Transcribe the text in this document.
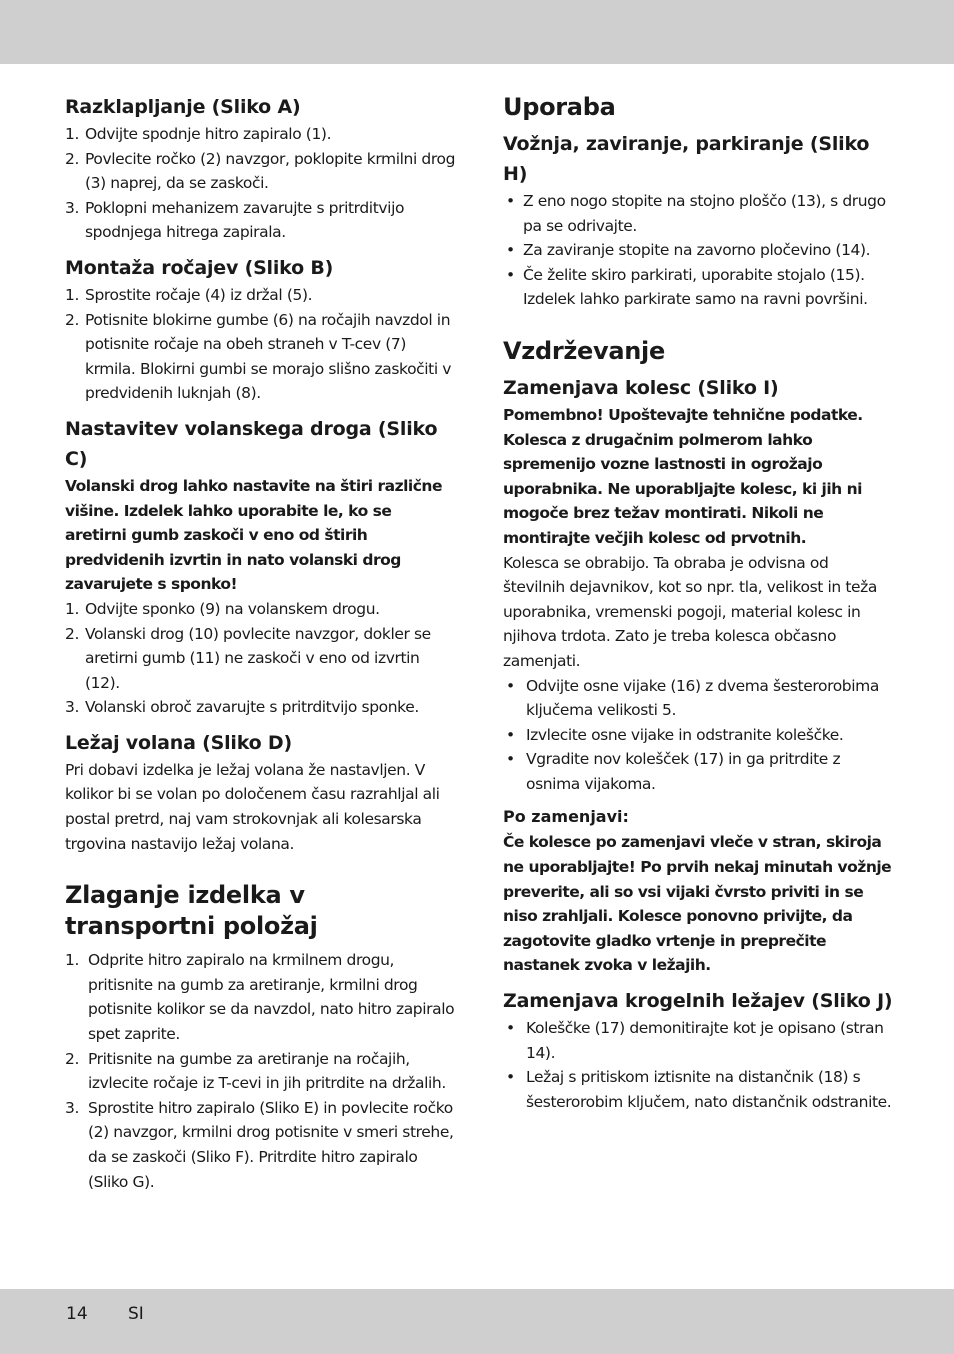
Razklapljanje (Sliko A)
1. Odvijte spodnje hitro zapiralo (1).
2. Povlecite ročko (2) navzgor, poklopite krmilni drog (3) naprej, da se zaskoči.
3. Poklopni mehanizem zavarujte s pritrditvijo spodnjega hitrega zapirala.
Montaža ročajev (Sliko B)
1. Sprostite ročaje (4) iz držal (5).
2. Potisnite blokirne gumbe (6) na ročajih navzdol in potisnite ročaje na obeh straneh v T-cev (7) krmila. Blokirni gumbi se morajo slišno zaskočiti v predvidenih luknjah (8).
Nastavitev volanskega droga (Sliko C)

Volanski drog lahko nastavite na štiri različne višine. Izdelek lahko uporabite le, ko se aretirni gumb zaskoči v eno od štirih predvidenih izvrtin in nato volanski drog zavarujete s sponko!

1. Odvijte sponko (9) na volanskem drogu.
2. Volanski drog (10) povlecite navzgor, dokler se aretirni gumb (11) ne zaskoči v eno od izvrtin (12).
3. Volanski obroč zavarujte s pritrditvijo sponke.
Ležaj volana (Sliko D)

Pri dobavi izdelka je ležaj volana že nastavljen. V kolikor bi se volan po določenem času razrahljal ali postal pretrd, naj vam strokovnjak ali kolesarska trgovina nastavijo ležaj volana.

Zlaganje izdelka v transportni položaj
1. Odprite hitro zapiralo na krmilnem drogu, pritisnite na gumb za aretiranje, krmilni drog potisnite kolikor se da navzdol, nato hitro zapiralo spet zaprite.
2. Pritisnite na gumbe za aretiranje na ročajih, izvlecite ročaje iz T-cevi in jih pritrdite na držalih.
3. Sprostite hitro zapiralo (Sliko E) in povlecite ročko (2) navzgor, krmilni drog potisnite v smeri strehe, da se zaskoči (Sliko F). Pritrdite hitro zapiralo (Sliko G).
Uporaba
Vožnja, zaviranje, parkiranje (Sliko H)
• Z eno nogo stopite na stojno ploščo (13), s drugo pa se odrivajte.
• Za zaviranje stopite na zavorno pločevino (14).
• Če želite skiro parkirati, uporabite stojalo (15). Izdelek lahko parkirate samo na ravni površini.
Vzdrževanje
Zamenjava kolesc (Sliko I)

Pomembno! Upoštevajte tehnične podatke. Kolesca z drugačnim polmerom lahko spremenijo vozne lastnosti in ogrožajo uporabnika. Ne uporabljajte kolesc, ki jih ni mogoče brez težav montirati. Nikoli ne montirajte večjih kolesc od prvotnih.

Kolesca se obrabijo. Ta obraba je odvisna od številnih dejavnikov, kot so npr. tla, velikost in teža uporabnika, vremenski pogoji, material kolesc in njihova trdota. Zato je treba kolesca občasno zamenjati.

• Odvijte osne vijake (16) z dvema šesterorobima ključema velikosti 5.
• Izvlecite osne vijake in odstranite koleščke.
• Vgradite nov kolešček (17) in ga pritrdite z osnima vijakoma.
Po zamenjavi:

Če kolesce po zamenjavi vleče v stran, skiroja ne uporabljajte! Po prvih nekaj minutah vožnje preverite, ali so vsi vijaki čvrsto priviti in se niso zrahljali. Kolesce ponovno privijte, da zagotovite gladko vrtenje in preprečite nastanek zvoka v ležajih.

Zamenjava krogelnih ležajev (Sliko J)
• Koleščke (17) demonitirajte kot je opisano (stran 14).
• Ležaj s pritiskom iztisnite na distančnik (18) s šesterorobim ključem, nato distančnik odstranite.
14 SI
